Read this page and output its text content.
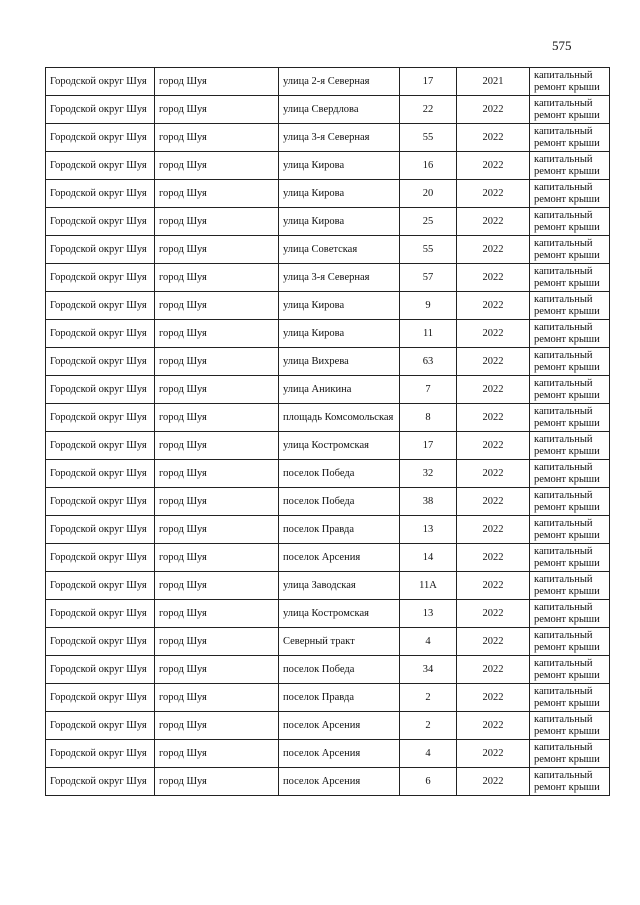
575
Городской округ Шуя	город Шуя	улица 2-я Северная	17	2021	капитальный ремонт крыши
Городской округ Шуя	город Шуя	улица Свердлова	22	2022	капитальный ремонт крыши
Городской округ Шуя	город Шуя	улица 3-я Северная	55	2022	капитальный ремонт крыши
Городской округ Шуя	город Шуя	улица Кирова	16	2022	капитальный ремонт крыши
Городской округ Шуя	город Шуя	улица Кирова	20	2022	капитальный ремонт крыши
Городской округ Шуя	город Шуя	улица Кирова	25	2022	капитальный ремонт крыши
Городской округ Шуя	город Шуя	улица Советская	55	2022	капитальный ремонт крыши
Городской округ Шуя	город Шуя	улица 3-я Северная	57	2022	капитальный ремонт крыши
Городской округ Шуя	город Шуя	улица Кирова	9	2022	капитальный ремонт крыши
Городской округ Шуя	город Шуя	улица Кирова	11	2022	капитальный ремонт крыши
Городской округ Шуя	город Шуя	улица Вихрева	63	2022	капитальный ремонт крыши
Городской округ Шуя	город Шуя	улица Аникина	7	2022	капитальный ремонт крыши
Городской округ Шуя	город Шуя	площадь Комсомольская	8	2022	капитальный ремонт крыши
Городской округ Шуя	город Шуя	улица Костромская	17	2022	капитальный ремонт крыши
Городской округ Шуя	город Шуя	поселок Победа	32	2022	капитальный ремонт крыши
Городской округ Шуя	город Шуя	поселок Победа	38	2022	капитальный ремонт крыши
Городской округ Шуя	город Шуя	поселок Правда	13	2022	капитальный ремонт крыши
Городской округ Шуя	город Шуя	поселок Арсения	14	2022	капитальный ремонт крыши
Городской округ Шуя	город Шуя	улица Заводская	11А	2022	капитальный ремонт крыши
Городской округ Шуя	город Шуя	улица Костромская	13	2022	капитальный ремонт крыши
Городской округ Шуя	город Шуя	Северный тракт	4	2022	капитальный ремонт крыши
Городской округ Шуя	город Шуя	поселок Победа	34	2022	капитальный ремонт крыши
Городской округ Шуя	город Шуя	поселок Правда	2	2022	капитальный ремонт крыши
Городской округ Шуя	город Шуя	поселок Арсения	2	2022	капитальный ремонт крыши
Городской округ Шуя	город Шуя	поселок Арсения	4	2022	капитальный ремонт крыши
Городской округ Шуя	город Шуя	поселок Арсения	6	2022	капитальный ремонт крыши
